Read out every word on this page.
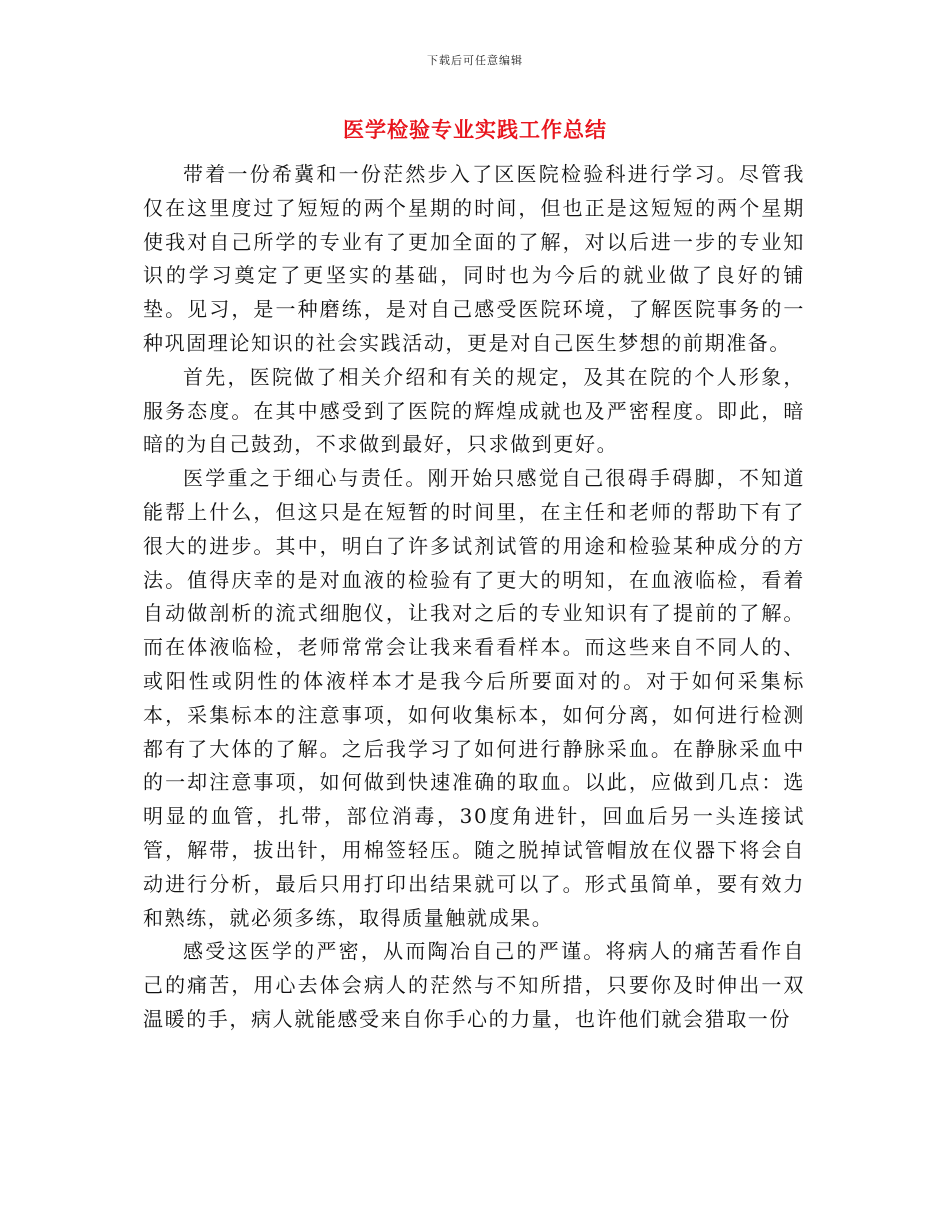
下载后可任意编辑
医学检验专业实践工作总结

带着一份希冀和一份茫然步入了区医院检验科进行学习。尽管我仅在这里度过了短短的两个星期的时间，但也正是这短短的两个星期使我对自己所学的专业有了更加全面的了解，对以后进一步的专业知识的学习奠定了更坚实的基础，同时也为今后的就业做了良好的铺垫。见习，是一种磨练，是对自己感受医院环境，了解医院事务的一种巩固理论知识的社会实践活动，更是对自己医生梦想的前期准备。

首先，医院做了相关介绍和有关的规定，及其在院的个人形象，服务态度。在其中感受到了医院的辉煌成就也及严密程度。即此，暗暗的为自己鼓劲，不求做到最好，只求做到更好。

医学重之于细心与责任。刚开始只感觉自己很碍手碍脚，不知道能帮上什么，但这只是在短暂的时间里，在主任和老师的帮助下有了很大的进步。其中，明白了许多试剂试管的用途和检验某种成分的方法。值得庆幸的是对血液的检验有了更大的明知，在血液临检，看着自动做剖析的流式细胞仪，让我对之后的专业知识有了提前的了解。而在体液临检，老师常常会让我来看看样本。而这些来自不同人的、或阳性或阴性的体液样本才是我今后所要面对的。对于如何采集标本，采集标本的注意事项，如何收集标本，如何分离，如何进行检测都有了大体的了解。之后我学习了如何进行静脉采血。在静脉采血中的一却注意事项，如何做到快速准确的取血。以此，应做到几点：选明显的血管，扎带，部位消毒，30度角进针，回血后另一头连接试管，解带，拔出针，用棉签轻压。随之脱掉试管帽放在仪器下将会自动进行分析，最后只用打印出结果就可以了。形式虽简单，要有效力和熟练，就必须多练，取得质量触就成果。

感受这医学的严密，从而陶冶自己的严谨。将病人的痛苦看作自己的痛苦，用心去体会病人的茫然与不知所措，只要你及时伸出一双温暖的手，病人就能感受来自你手心的力量，也许他们就会猎取一份
